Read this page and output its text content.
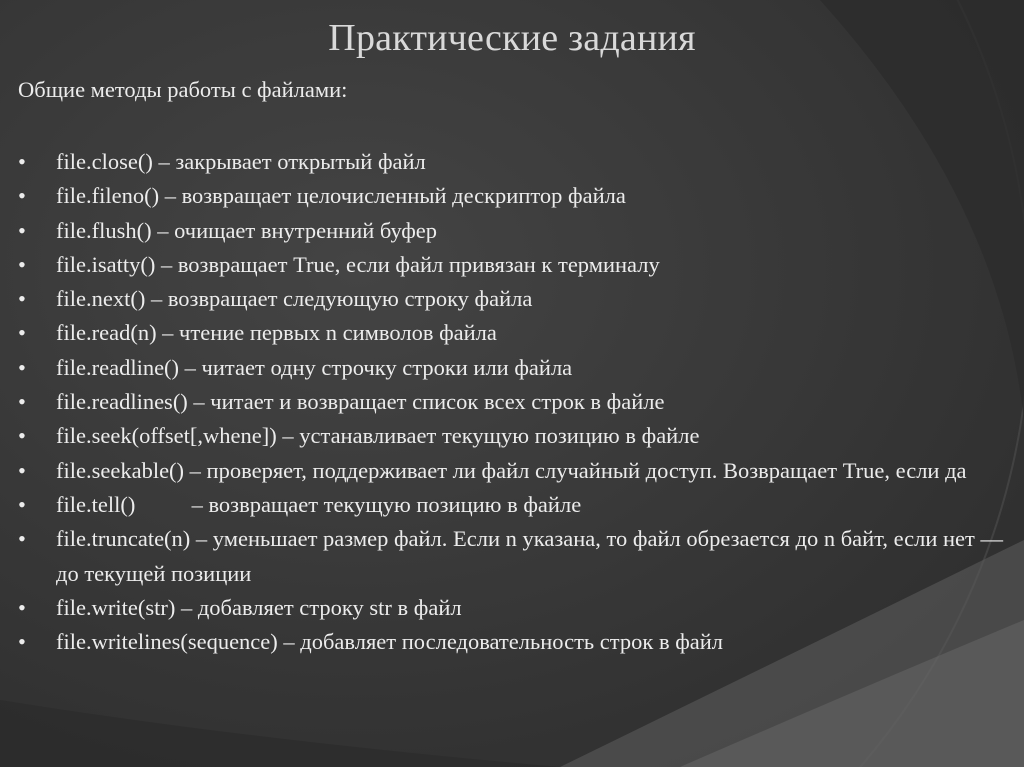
Практические задания
Общие методы работы с файлами:
• file.close() – закрывает открытый файл
• file.fileno() – возвращает целочисленный дескриптор файла
• file.flush() – очищает внутренний буфер
• file.isatty() – возвращает True, если файл привязан к терминалу
• file.next() – возвращает следующую строку файла
• file.read(n) – чтение первых n символов файла
• file.readline() – читает одну строчку строки или файла
• file.readlines() – читает и возвращает список всех строк в файле
• file.seek(offset[,whene]) – устанавливает текущую позицию в файле
• file.seekable() – проверяет, поддерживает ли файл случайный доступ. Возвращает True, если да
• file.tell()          – возвращает текущую позицию в файле
• file.truncate(n) – уменьшает размер файл. Если n указана, то файл обрезается до n байт, если нет — до текущей позиции
• file.write(str) – добавляет строку str в файл
• file.writelines(sequence) – добавляет последовательность строк в файл
